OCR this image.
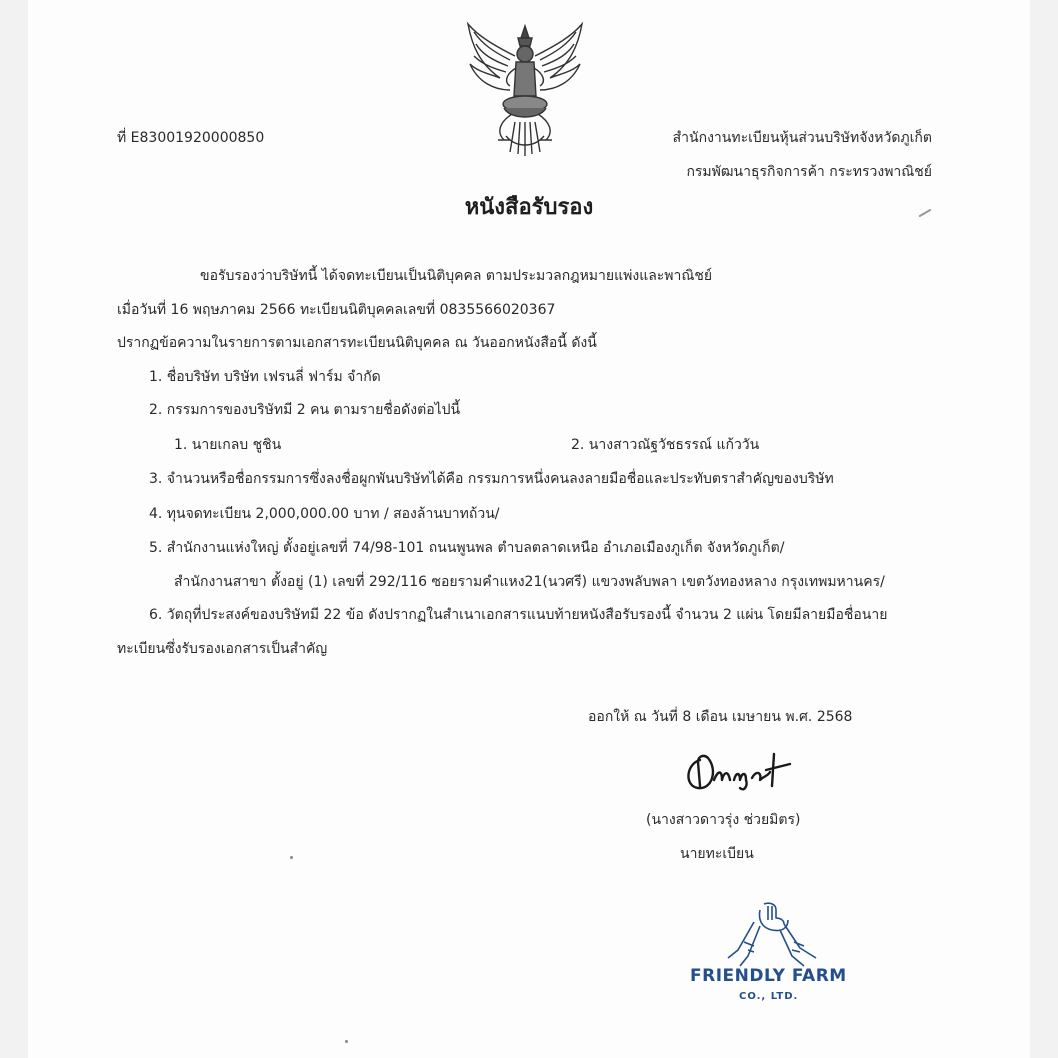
ที่ E83001920000850	สำนักงานทะเบียนหุ้นส่วนบริษัทจังหวัดภูเก็ต
กรมพัฒนาธุรกิจการค้า กระทรวงพาณิชย์
หนังสือรับรอง
ขอรับรองว่าบริษัทนี้ ได้จดทะเบียนเป็นนิติบุคคล ตามประมวลกฎหมายแพ่งและพาณิชย์
เมื่อวันที่ 16 พฤษภาคม 2566 ทะเบียนนิติบุคคลเลขที่ 0835566020367
ปรากฏข้อความในรายการตามเอกสารทะเบียนนิติบุคคล ณ วันออกหนังสือนี้ ดังนี้
1. ชื่อบริษัท บริษัท เฟรนลี่ ฟาร์ม จำกัด
2. กรรมการของบริษัทมี 2 คน ตามรายชื่อดังต่อไปนี้
1. นายเกลบ ชูชิน	2. นางสาวณัฐวัชธรรณ์ แก้ววัน
3. จำนวนหรือชื่อกรรมการซึ่งลงชื่อผูกพันบริษัทได้คือ กรรมการหนึ่งคนลงลายมือชื่อและประทับตราสำคัญของบริษัท
4. ทุนจดทะเบียน 2,000,000.00 บาท / สองล้านบาทถ้วน/
5. สำนักงานแห่งใหญ่ ตั้งอยู่เลขที่ 74/98-101 ถนนพูนพล ตำบลตลาดเหนือ อำเภอเมืองภูเก็ต จังหวัดภูเก็ต/
สำนักงานสาขา ตั้งอยู่ (1) เลขที่ 292/116 ซอยรามคำแหง21(นวศรี) แขวงพลับพลา เขตวังทองหลาง กรุงเทพมหานคร/
6. วัตถุที่ประสงค์ของบริษัทมี 22 ข้อ ดังปรากฏในสำเนาเอกสารแนบท้ายหนังสือรับรองนี้ จำนวน 2 แผ่น โดยมีลายมือชื่อนาย
ทะเบียนซึ่งรับรองเอกสารเป็นสำคัญ
ออกให้ ณ วันที่ 8 เดือน เมษายน พ.ศ. 2568
(นางสาวดาวรุ่ง ช่วยมิตร)
นายทะเบียน
FRIENDLY FARM
CO., LTD.
